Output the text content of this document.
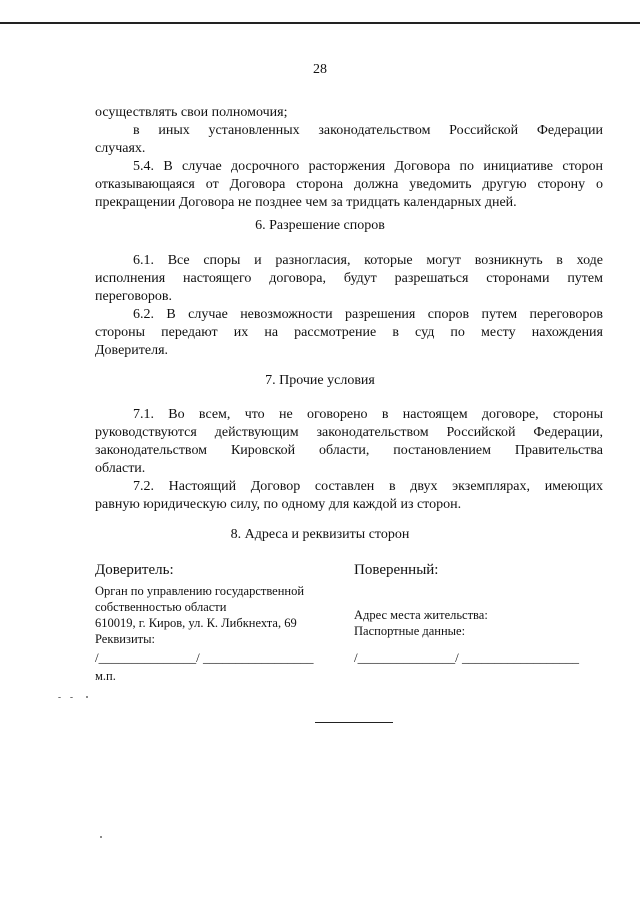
28
осуществлять свои полномочия;
в иных установленных законодательством Российской Федерации
случаях.
5.4. В случае досрочного расторжения Договора по инициативе сторон
отказывающаяся от Договора сторона должна уведомить другую сторону о
прекращении Договора не позднее чем за тридцать календарных дней.
6. Разрешение споров
6.1. Все споры и разногласия, которые могут возникнуть в ходе
исполнения настоящего договора, будут разрешаться сторонами путем
переговоров.
6.2. В случае невозможности разрешения споров путем переговоров
стороны передают их на рассмотрение в суд по месту нахождения
Доверителя.
7. Прочие условия
7.1. Во всем, что не оговорено в настоящем договоре, стороны
руководствуются действующим законодательством Российской Федерации,
законодательством Кировской области, постановлением Правительства
области.
7.2. Настоящий Договор составлен в двух экземплярах, имеющих
равную юридическую силу, по одному для каждой из сторон.
8. Адреса и реквизиты сторон
Доверитель:
Орган по управлению государственной
собственностью области
610019, г. Киров, ул. К. Либкнехта, 69
Реквизиты:
Поверенный:
Адрес места жительства:
Паспортные данные:
/_______________/ _________________	/_______________/ __________________
м.п.
